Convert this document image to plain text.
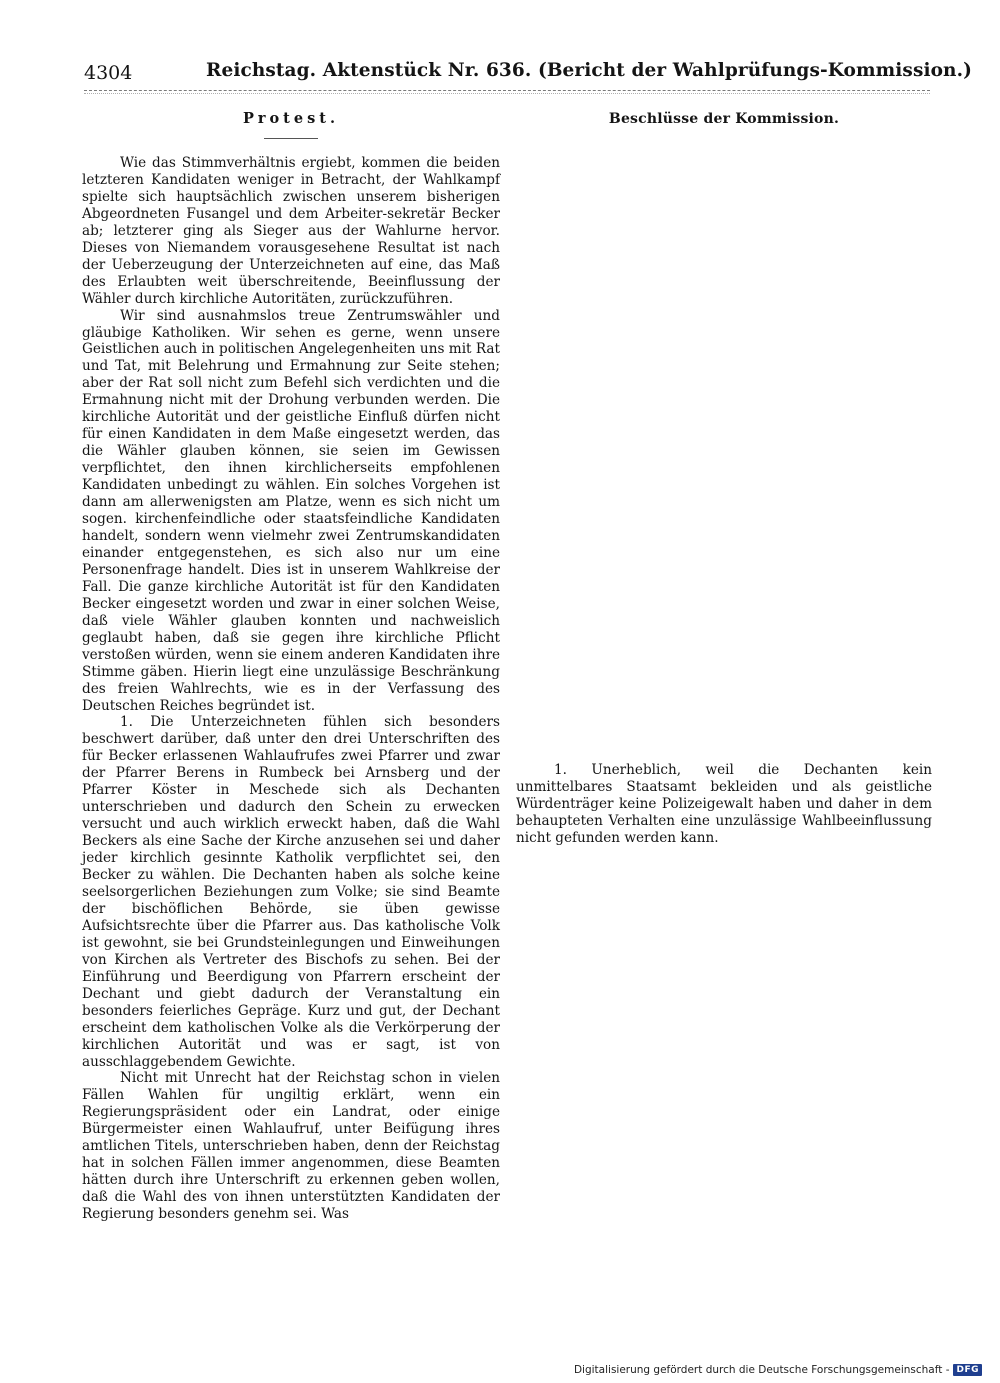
4304	Reichstag. Aktenstück Nr. 636. (Bericht der Wahlprüfungs-Kommission.)
Protest.

Wie das Stimmverhältnis ergiebt, kommen die beiden letzteren Kandidaten weniger in Betracht, der Wahlkampf spielte sich hauptsächlich zwischen unserem bisherigen Abgeordneten Fusangel und dem Arbeiter-sekretär Becker ab; letzterer ging als Sieger aus der Wahlurne hervor. Dieses von Niemandem vorausgesehene Resultat ist nach der Ueberzeugung der Unterzeichneten auf eine, das Maß des Erlaubten weit überschreitende, Beeinflussung der Wähler durch kirchliche Autoritäten, zurückzuführen.

Wir sind ausnahmslos treue Zentrumswähler und gläubige Katholiken. Wir sehen es gerne, wenn unsere Geistlichen auch in politischen Angelegenheiten uns mit Rat und Tat, mit Belehrung und Ermahnung zur Seite stehen; aber der Rat soll nicht zum Befehl sich verdichten und die Ermahnung nicht mit der Drohung verbunden werden. Die kirchliche Autorität und der geistliche Einfluß dürfen nicht für einen Kandidaten in dem Maße eingesetzt werden, das die Wähler glauben können, sie seien im Gewissen verpflichtet, den ihnen kirchlicherseits empfohlenen Kandidaten unbedingt zu wählen. Ein solches Vorgehen ist dann am allerwenigsten am Platze, wenn es sich nicht um sogen. kirchenfeindliche oder staatsfeindliche Kandidaten handelt, sondern wenn vielmehr zwei Zentrumskandidaten einander entgegenstehen, es sich also nur um eine Personenfrage handelt. Dies ist in unserem Wahlkreise der Fall. Die ganze kirchliche Autorität ist für den Kandidaten Becker eingesetzt worden und zwar in einer solchen Weise, daß viele Wähler glauben konnten und nachweislich geglaubt haben, daß sie gegen ihre kirchliche Pflicht verstoßen würden, wenn sie einem anderen Kandidaten ihre Stimme gäben. Hierin liegt eine unzulässige Beschränkung des freien Wahlrechts, wie es in der Verfassung des Deutschen Reiches begründet ist.

1. Die Unterzeichneten fühlen sich besonders beschwert darüber, daß unter den drei Unterschriften des für Becker erlassenen Wahlaufrufes zwei Pfarrer und zwar der Pfarrer Berens in Rumbeck bei Arnsberg und der Pfarrer Köster in Meschede sich als Dechanten unterschrieben und dadurch den Schein zu erwecken versucht und auch wirklich erweckt haben, daß die Wahl Beckers als eine Sache der Kirche anzusehen sei und daher jeder kirchlich gesinnte Katholik verpflichtet sei, den Becker zu wählen. Die Dechanten haben als solche keine seelsorgerlichen Beziehungen zum Volke; sie sind Beamte der bischöflichen Behörde, sie üben gewisse Aufsichtsrechte über die Pfarrer aus. Das katholische Volk ist gewohnt, sie bei Grundsteinlegungen und Einweihungen von Kirchen als Vertreter des Bischofs zu sehen. Bei der Einführung und Beerdigung von Pfarrern erscheint der Dechant und giebt dadurch der Veranstaltung ein besonders feierliches Gepräge. Kurz und gut, der Dechant erscheint dem katholischen Volke als die Verkörperung der kirchlichen Autorität und was er sagt, ist von ausschlaggebendem Gewichte.

Nicht mit Unrecht hat der Reichstag schon in vielen Fällen Wahlen für ungiltig erklärt, wenn ein Regierungspräsident oder ein Landrat, oder einige Bürgermeister einen Wahlaufruf, unter Beifügung ihres amtlichen Titels, unterschrieben haben, denn der Reichstag hat in solchen Fällen immer angenommen, diese Beamten hätten durch ihre Unterschrift zu erkennen geben wollen, daß die Wahl des von ihnen unterstützten Kandidaten der Regierung besonders genehm sei. Was

Beschlüsse der Kommission.

1. Unerheblich, weil die Dechanten kein unmittelbares Staatsamt bekleiden und als geistliche Würdenträger keine Polizeigewalt haben und daher in dem behaupteten Verhalten eine unzulässige Wahlbeeinflussung nicht gefunden werden kann.

Digitalisierung gefördert durch die Deutsche Forschungsgemeinschaft - DFG
